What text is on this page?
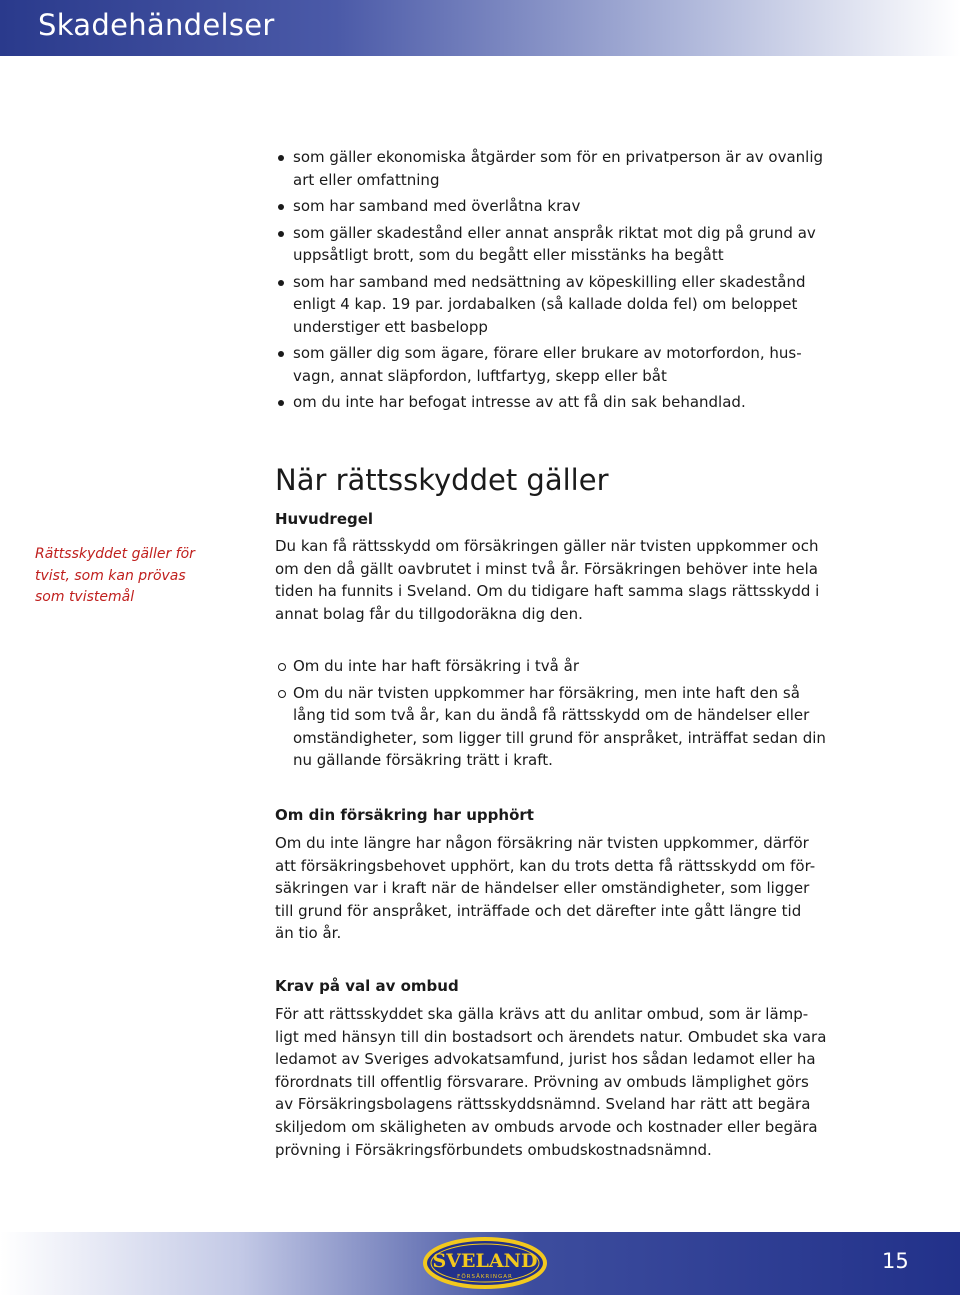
Skadehändelser
som gäller ekonomiska åtgärder som för en privatperson är av ovanlig
art eller omfattning
som har samband med överlåtna krav
som gäller skadestånd eller annat anspråk riktat mot dig på grund av
uppsåtligt brott, som du begått eller misstänks ha begått
som har samband med nedsättning av köpeskilling eller skadestånd
enligt 4 kap. 19 par. jordabalken (så kallade dolda fel) om beloppet
understiger ett basbelopp
som gäller dig som ägare, förare eller brukare av motorfordon, hus-
vagn, annat släpfordon, luftfartyg, skepp eller båt
om du inte har befogat intresse av att få din sak behandlad.
När rättsskyddet gäller
Rättsskyddet gäller för
tvist, som kan prövas
som tvistemål
Huvudregel
Du kan få rättsskydd om försäkringen gäller när tvisten uppkommer och
om den då gällt oavbrutet i minst två år. Försäkringen behöver inte hela
tiden ha funnits i Sveland. Om du tidigare haft samma slags rättsskydd i
annat bolag får du tillgodoräkna dig den.
Om du inte har haft försäkring i två år
Om du när tvisten uppkommer har försäkring, men inte haft den så
lång tid som två år, kan du ändå få rättsskydd om de händelser eller
omständigheter, som ligger till grund för anspråket, inträffat sedan din
nu gällande försäkring trätt i kraft.
Om din försäkring har upphört
Om du inte längre har någon försäkring när tvisten uppkommer, därför
att försäkringsbehovet upphört, kan du trots detta få rättsskydd om för-
säkringen var i kraft när de händelser eller omständigheter, som ligger
till grund för anspråket, inträffade och det därefter inte gått längre tid
än tio år.
Krav på val av ombud
För att rättsskyddet ska gälla krävs att du anlitar ombud, som är lämp-
ligt med hänsyn till din bostadsort och ärendets natur. Ombudet ska vara
ledamot av Sveriges advokatsamfund, jurist hos sådan ledamot eller ha
förordnats till offentlig försvarare. Prövning av ombuds lämplighet görs
av Försäkringsbolagens rättsskyddsnämnd. Sveland har rätt att begära
skiljedom om skäligheten av ombuds arvode och kostnader eller begära
prövning i Försäkringsförbundets ombudskostnadsnämnd.
SVELAND
FÖRSÄKRINGAR
15
